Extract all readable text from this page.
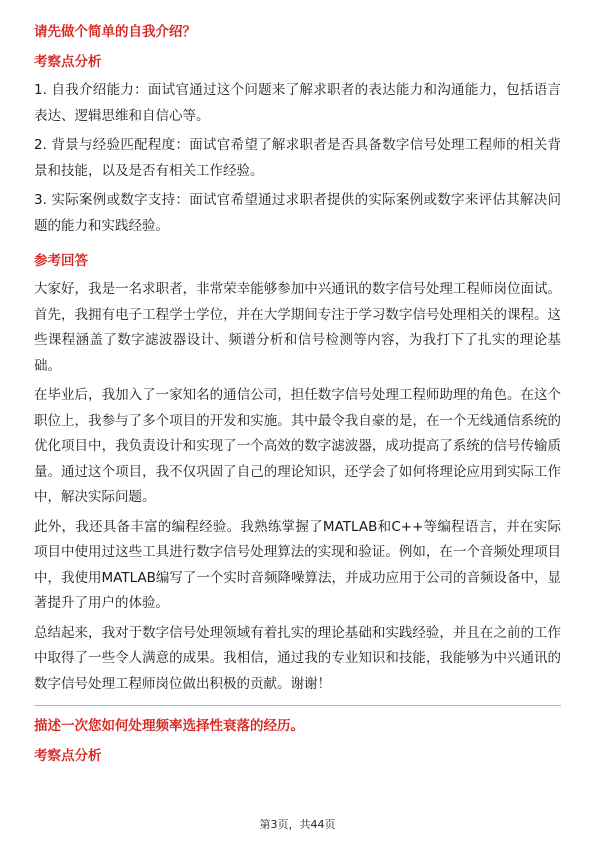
请先做个简单的自我介绍？
考察点分析
1. 自我介绍能力：面试官通过这个问题来了解求职者的表达能力和沟通能力，包括语言表达、逻辑思维和自信心等。
2. 背景与经验匹配程度：面试官希望了解求职者是否具备数字信号处理工程师的相关背景和技能，以及是否有相关工作经验。
3. 实际案例或数字支持：面试官希望通过求职者提供的实际案例或数字来评估其解决问题的能力和实践经验。
参考回答
大家好，我是一名求职者，非常荣幸能够参加中兴通讯的数字信号处理工程师岗位面试。首先，我拥有电子工程学士学位，并在大学期间专注于学习数字信号处理相关的课程。这些课程涵盖了数字滤波器设计、频谱分析和信号检测等内容，为我打下了扎实的理论基础。
在毕业后，我加入了一家知名的通信公司，担任数字信号处理工程师助理的角色。在这个职位上，我参与了多个项目的开发和实施。其中最令我自豪的是，在一个无线通信系统的优化项目中，我负责设计和实现了一个高效的数字滤波器，成功提高了系统的信号传输质量。通过这个项目，我不仅巩固了自己的理论知识，还学会了如何将理论应用到实际工作中，解决实际问题。
此外，我还具备丰富的编程经验。我熟练掌握了MATLAB和C++等编程语言，并在实际项目中使用过这些工具进行数字信号处理算法的实现和验证。例如，在一个音频处理项目中，我使用MATLAB编写了一个实时音频降噪算法，并成功应用于公司的音频设备中，显著提升了用户的体验。
总结起来，我对于数字信号处理领域有着扎实的理论基础和实践经验，并且在之前的工作中取得了一些令人满意的成果。我相信，通过我的专业知识和技能，我能够为中兴通讯的数字信号处理工程师岗位做出积极的贡献。谢谢！
描述一次您如何处理频率选择性衰落的经历。
考察点分析
第3页，共44页
